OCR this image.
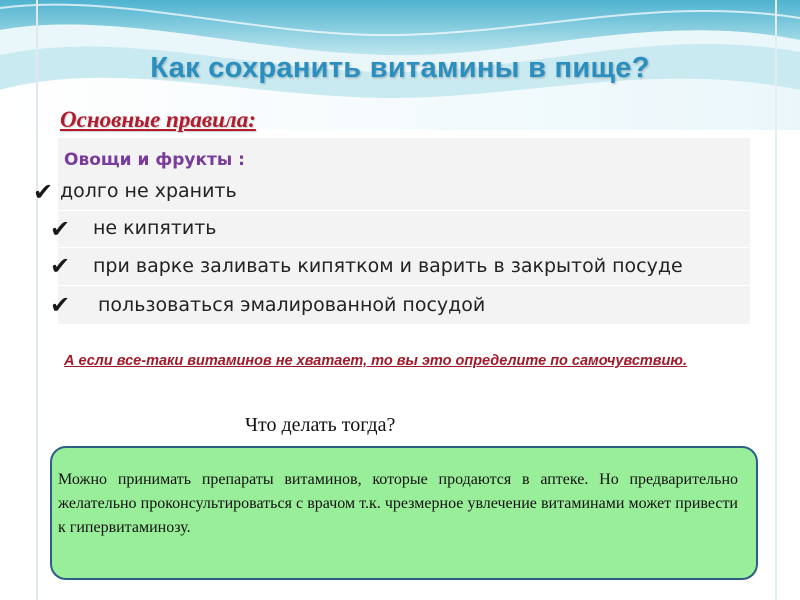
Как сохранить витамины в пище?
Основные правила:
Овощи и фрукты :
✔ долго не хранить
✔ не кипятить
✔ при варке заливать кипятком и варить в закрытой посуде
✔ пользоваться эмалированной посудой
А если все-таки витаминов не хватает, то вы это определите по самочувствию.
Что делать тогда?
Можно принимать препараты витаминов, которые продаются в аптеке. Но предварительно желательно проконсультироваться с врачом т.к. чрезмерное увлечение витаминами может привести к гипервитаминозу.
